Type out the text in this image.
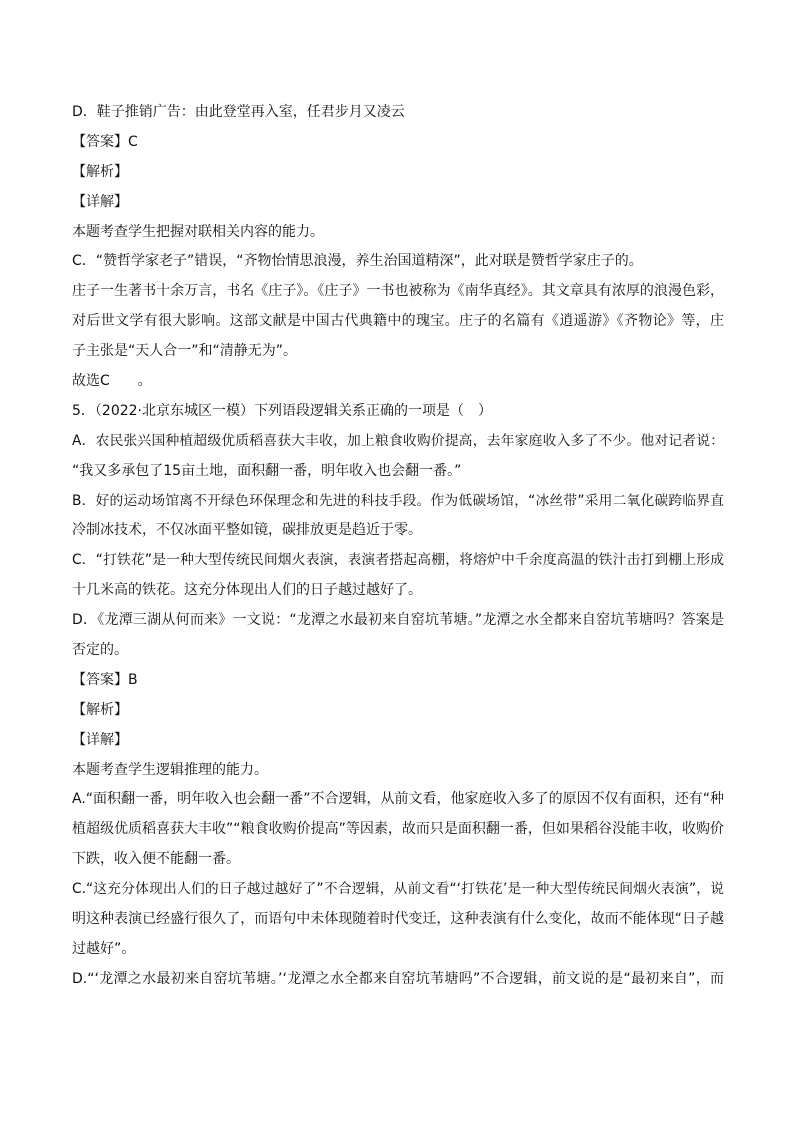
D．鞋子推销广告：由此登堂再入室，任君步月又凌云
【答案】C
【解析】
【详解】
本题考查学生把握对联相关内容的能力。
C．“赞哲学家老子”错误，“齐物怡情思浪漫，养生治国道精深”，此对联是赞哲学家庄子的。
庄子一生著书十余万言，书名《庄子》。《庄子》一书也被称为《南华真经》。其文章具有浓厚的浪漫色彩，
对后世文学有很大影响。这部文献是中国古代典籍中的瑰宝。庄子的名篇有《逍遥游》《齐物论》等，庄
子主张是“天人合一”和“清静无为”。
故选C　　。
5．（2022·北京东城区一模）下列语段逻辑关系正确的一项是（　）
A．农民张兴国种植超级优质稻喜获大丰收，加上粮食收购价提高，去年家庭收入多了不少。他对记者说：
“我又多承包了15亩土地，面积翻一番，明年收入也会翻一番。”
B．好的运动场馆离不开绿色环保理念和先进的科技手段。作为低碳场馆，“冰丝带”采用二氧化碳跨临界直
冷制冰技术，不仅冰面平整如镜，碳排放更是趋近于零。
C．“打铁花”是一种大型传统民间烟火表演，表演者搭起高棚，将熔炉中千余度高温的铁汁击打到棚上形成
十几米高的铁花。这充分体现出人们的日子越过越好了。
D．《龙潭三湖从何而来》一文说：“龙潭之水最初来自窑坑苇塘。”龙潭之水全都来自窑坑苇塘吗？答案是
否定的。
【答案】B
【解析】
【详解】
本题考查学生逻辑推理的能力。
A.“面积翻一番，明年收入也会翻一番”不合逻辑，从前文看，他家庭收入多了的原因不仅有面积，还有“种
植超级优质稻喜获大丰收”“粮食收购价提高”等因素，故而只是面积翻一番，但如果稻谷没能丰收，收购价
下跌，收入便不能翻一番。
C.“这充分体现出人们的日子越过越好了”不合逻辑，从前文看“‘打铁花’是一种大型传统民间烟火表演”，说
明这种表演已经盛行很久了，而语句中未体现随着时代变迁，这种表演有什么变化，故而不能体现“日子越
过越好”。
D.“‘龙潭之水最初来自窑坑苇塘。’‘龙潭之水全都来自窑坑苇塘吗”不合逻辑，前文说的是“最初来自”，而
